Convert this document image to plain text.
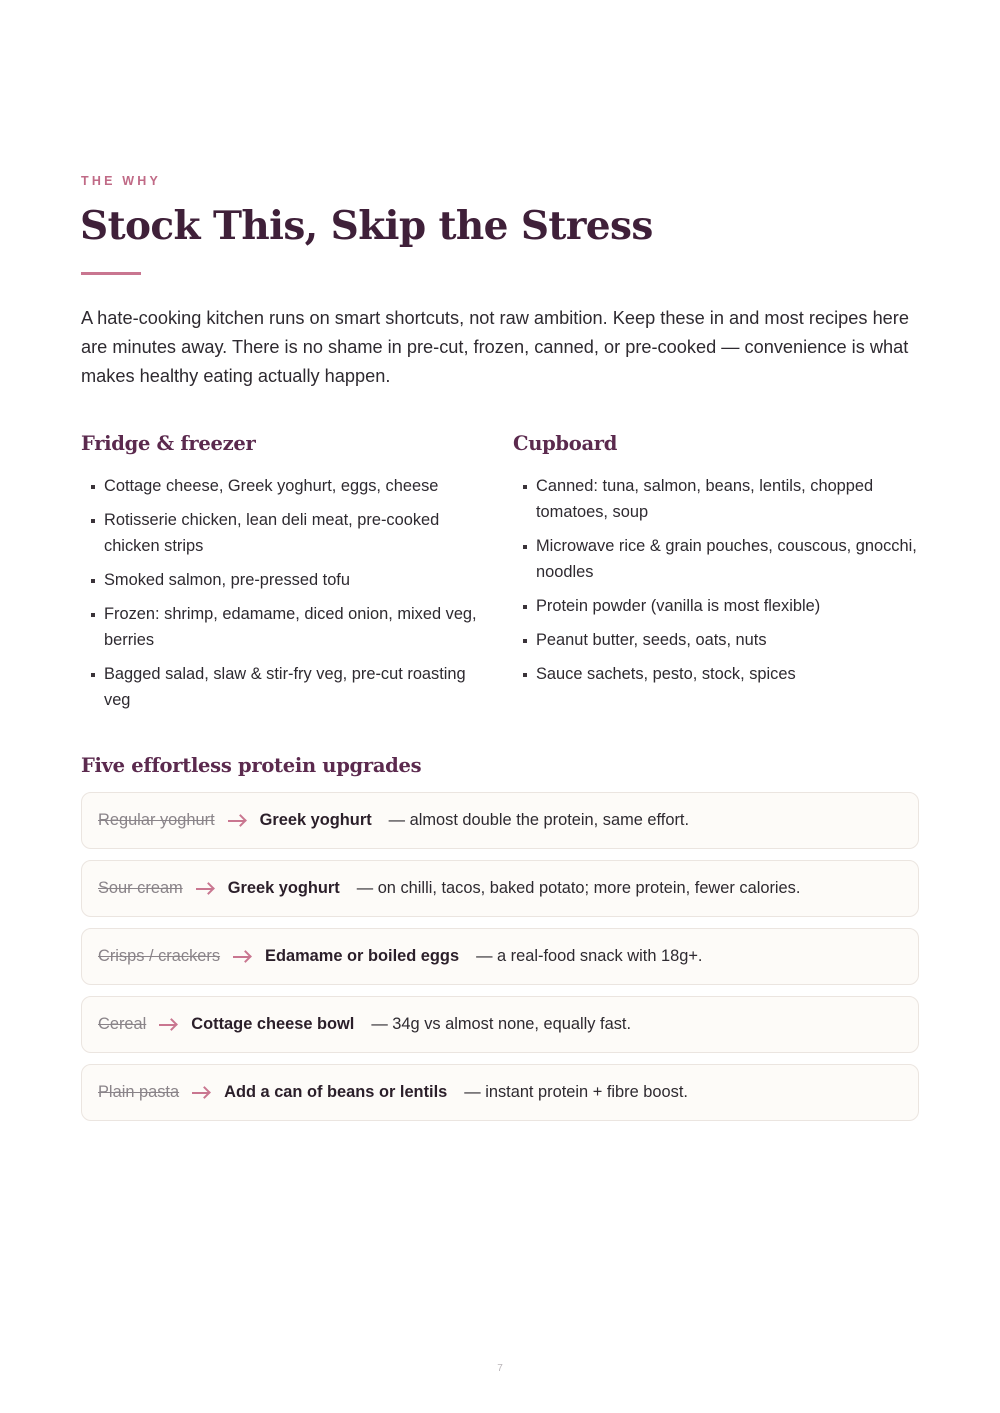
THE WHY
Stock This, Skip the Stress

A hate-cooking kitchen runs on smart shortcuts, not raw ambition. Keep these in and most recipes here are minutes away. There is no shame in pre-cut, frozen, canned, or pre-cooked — convenience is what makes healthy eating actually happen.

Fridge & freezer
Cottage cheese, Greek yoghurt, eggs, cheese
Rotisserie chicken, lean deli meat, pre-cooked chicken strips
Smoked salmon, pre-pressed tofu
Frozen: shrimp, edamame, diced onion, mixed veg, berries
Bagged salad, slaw & stir-fry veg, pre-cut roasting veg
Cupboard
Canned: tuna, salmon, beans, lentils, chopped tomatoes, soup
Microwave rice & grain pouches, couscous, gnocchi, noodles
Protein powder (vanilla is most flexible)
Peanut butter, seeds, oats, nuts
Sauce sachets, pesto, stock, spices
Five effortless protein upgrades
Regular yoghurt	Greek yoghurt — almost double the protein, same effort.
Sour cream	Greek yoghurt — on chilli, tacos, baked potato; more protein, fewer calories.
Crisps / crackers	Edamame or boiled eggs — a real-food snack with 18g+.
Cereal	Cottage cheese bowl — 34g vs almost none, equally fast.
Plain pasta	Add a can of beans or lentils — instant protein + fibre boost.
7
